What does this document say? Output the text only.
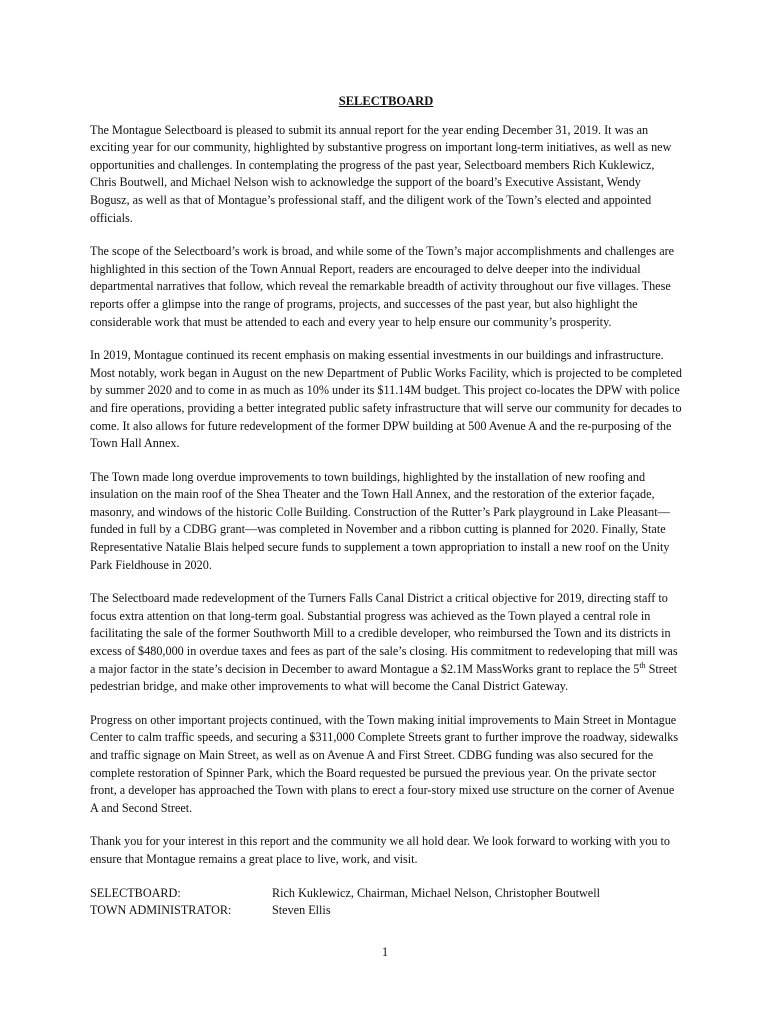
SELECTBOARD

The Montague Selectboard is pleased to submit its annual report for the year ending December 31, 2019. It was an exciting year for our community, highlighted by substantive progress on important long-term initiatives, as well as new opportunities and challenges. In contemplating the progress of the past year, Selectboard members Rich Kuklewicz, Chris Boutwell, and Michael Nelson wish to acknowledge the support of the board’s Executive Assistant, Wendy Bogusz, as well as that of Montague’s professional staff, and the diligent work of the Town’s elected and appointed officials.

The scope of the Selectboard’s work is broad, and while some of the Town’s major accomplishments and challenges are highlighted in this section of the Town Annual Report, readers are encouraged to delve deeper into the individual departmental narratives that follow, which reveal the remarkable breadth of activity throughout our five villages. These reports offer a glimpse into the range of programs, projects, and successes of the past year, but also highlight the considerable work that must be attended to each and every year to help ensure our community’s prosperity.

In 2019, Montague continued its recent emphasis on making essential investments in our buildings and infrastructure. Most notably, work began in August on the new Department of Public Works Facility, which is projected to be completed by summer 2020 and to come in as much as 10% under its $11.14M budget. This project co-locates the DPW with police and fire operations, providing a better integrated public safety infrastructure that will serve our community for decades to come. It also allows for future redevelopment of the former DPW building at 500 Avenue A and the re-purposing of the Town Hall Annex.

The Town made long overdue improvements to town buildings, highlighted by the installation of new roofing and insulation on the main roof of the Shea Theater and the Town Hall Annex, and the restoration of the exterior façade, masonry, and windows of the historic Colle Building. Construction of the Rutter’s Park playground in Lake Pleasant—funded in full by a CDBG grant—was completed in November and a ribbon cutting is planned for 2020. Finally, State Representative Natalie Blais helped secure funds to supplement a town appropriation to install a new roof on the Unity Park Fieldhouse in 2020.

The Selectboard made redevelopment of the Turners Falls Canal District a critical objective for 2019, directing staff to focus extra attention on that long-term goal. Substantial progress was achieved as the Town played a central role in facilitating the sale of the former Southworth Mill to a credible developer, who reimbursed the Town and its districts in excess of $480,000 in overdue taxes and fees as part of the sale’s closing. His commitment to redeveloping that mill was a major factor in the state’s decision in December to award Montague a $2.1M MassWorks grant to replace the 5th Street pedestrian bridge, and make other improvements to what will become the Canal District Gateway.

Progress on other important projects continued, with the Town making initial improvements to Main Street in Montague Center to calm traffic speeds, and securing a $311,000 Complete Streets grant to further improve the roadway, sidewalks and traffic signage on Main Street, as well as on Avenue A and First Street. CDBG funding was also secured for the complete restoration of Spinner Park, which the Board requested be pursued the previous year. On the private sector front, a developer has approached the Town with plans to erect a four-story mixed use structure on the corner of Avenue A and Second Street.

Thank you for your interest in this report and the community we all hold dear. We look forward to working with you to ensure that Montague remains a great place to live, work, and visit.

SELECTBOARD:	Rich Kuklewicz, Chairman, Michael Nelson, Christopher Boutwell
TOWN ADMINISTRATOR:	Steven Ellis
1
